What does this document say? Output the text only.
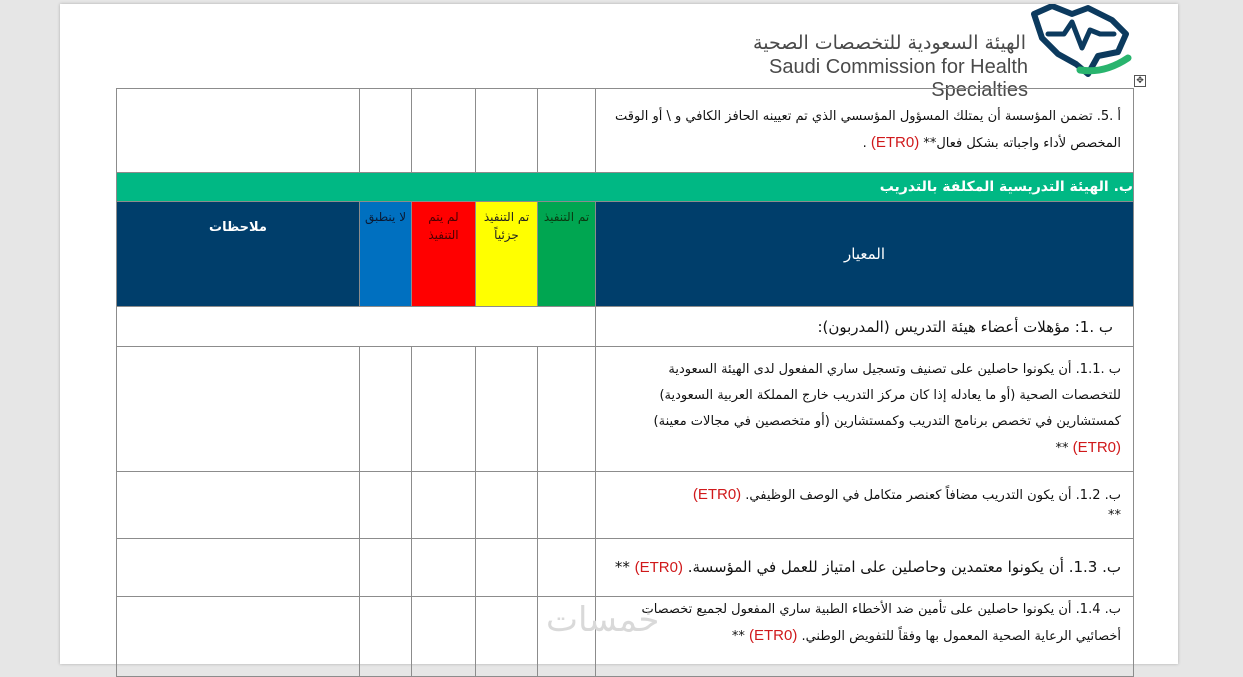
الهيئة السعودية للتخصصات الصحية
Saudi Commission for Health Specialties	✥

					أ .5. تضمن المؤسسة أن يمتلك المسؤول المؤسسي الذي تم تعيينه الحافز الكافي و \ أو الوقت
المخصص لأداء واجباته بشكل فعال** (ETR0) .

ب. الهيئة التدريسية المكلفة بالتدريب					
ملاحظات	لا ينطبق	لم يتم التنفيذ	تم التنفيذ جزئياً	تم التنفيذ	المعيار

					ب .1: مؤهلات أعضاء هيئة التدريس (المدربون):

					ب .1.1. أن يكونوا حاصلين على تصنيف وتسجيل ساري المفعول لدى الهيئة السعودية
للتخصصات الصحية (أو ما يعادله إذا كان مركز التدريب خارج المملكة العربية السعودية)
كمستشارين في تخصص برنامج التدريب وكمستشارين (أو متخصصين في مجالات معينة)
(ETR0) **

					ب. 1.2. أن يكون التدريب مضافاً كعنصر متكامل في الوصف الوظيفي. (ETR0)
**

					ب. 1.3. أن يكونوا معتمدين وحاصلين على امتياز للعمل في المؤسسة. (ETR0) **

					ب. 1.4. أن يكونوا حاصلين على تأمين ضد الأخطاء الطبية ساري المفعول لجميع تخصصات
أخصائيي الرعاية الصحية المعمول بها وفقاً للتفويض الوطني. (ETR0) **
خمسات
